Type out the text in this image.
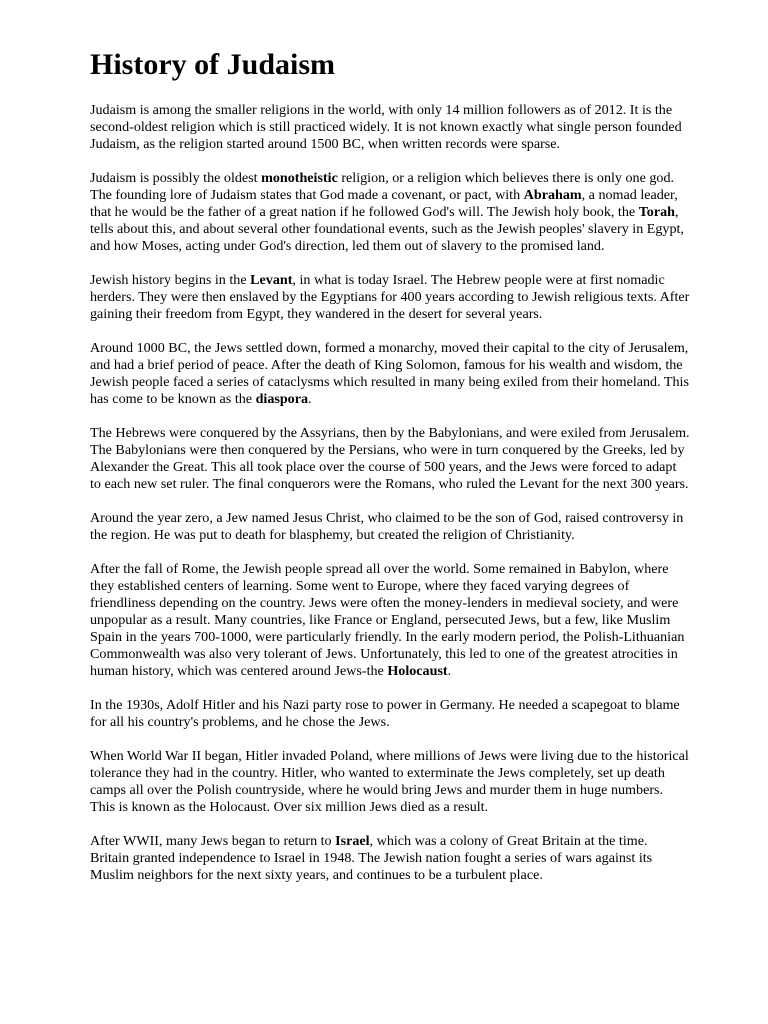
History of Judaism

Judaism is among the smaller religions in the world, with only 14 million followers as of 2012. It is the second-oldest religion which is still practiced widely. It is not known exactly what single person founded Judaism, as the religion started around 1500 BC, when written records were sparse.

Judaism is possibly the oldest monotheistic religion, or a religion which believes there is only one god. The founding lore of Judaism states that God made a covenant, or pact, with Abraham, a nomad leader, that he would be the father of a great nation if he followed God's will. The Jewish holy book, the Torah, tells about this, and about several other foundational events, such as the Jewish peoples' slavery in Egypt, and how Moses, acting under God's direction, led them out of slavery to the promised land.

Jewish history begins in the Levant, in what is today Israel. The Hebrew people were at first nomadic herders. They were then enslaved by the Egyptians for 400 years according to Jewish religious texts. After gaining their freedom from Egypt, they wandered in the desert for several years.

Around 1000 BC, the Jews settled down, formed a monarchy, moved their capital to the city of Jerusalem, and had a brief period of peace. After the death of King Solomon, famous for his wealth and wisdom, the Jewish people faced a series of cataclysms which resulted in many being exiled from their homeland. This has come to be known as the diaspora.

The Hebrews were conquered by the Assyrians, then by the Babylonians, and were exiled from Jerusalem. The Babylonians were then conquered by the Persians, who were in turn conquered by the Greeks, led by Alexander the Great. This all took place over the course of 500 years, and the Jews were forced to adapt to each new set ruler. The final conquerors were the Romans, who ruled the Levant for the next 300 years.

Around the year zero, a Jew named Jesus Christ, who claimed to be the son of God, raised controversy in the region. He was put to death for blasphemy, but created the religion of Christianity.

After the fall of Rome, the Jewish people spread all over the world. Some remained in Babylon, where they established centers of learning. Some went to Europe, where they faced varying degrees of friendliness depending on the country. Jews were often the money-lenders in medieval society, and were unpopular as a result. Many countries, like France or England, persecuted Jews, but a few, like Muslim Spain in the years 700-1000, were particularly friendly. In the early modern period, the Polish-Lithuanian Commonwealth was also very tolerant of Jews. Unfortunately, this led to one of the greatest atrocities in human history, which was centered around Jews-the Holocaust.

In the 1930s, Adolf Hitler and his Nazi party rose to power in Germany. He needed a scapegoat to blame for all his country's problems, and he chose the Jews.

When World War II began, Hitler invaded Poland, where millions of Jews were living due to the historical tolerance they had in the country. Hitler, who wanted to exterminate the Jews completely, set up death camps all over the Polish countryside, where he would bring Jews and murder them in huge numbers. This is known as the Holocaust. Over six million Jews died as a result.

After WWII, many Jews began to return to Israel, which was a colony of Great Britain at the time. Britain granted independence to Israel in 1948. The Jewish nation fought a series of wars against its Muslim neighbors for the next sixty years, and continues to be a turbulent place.
